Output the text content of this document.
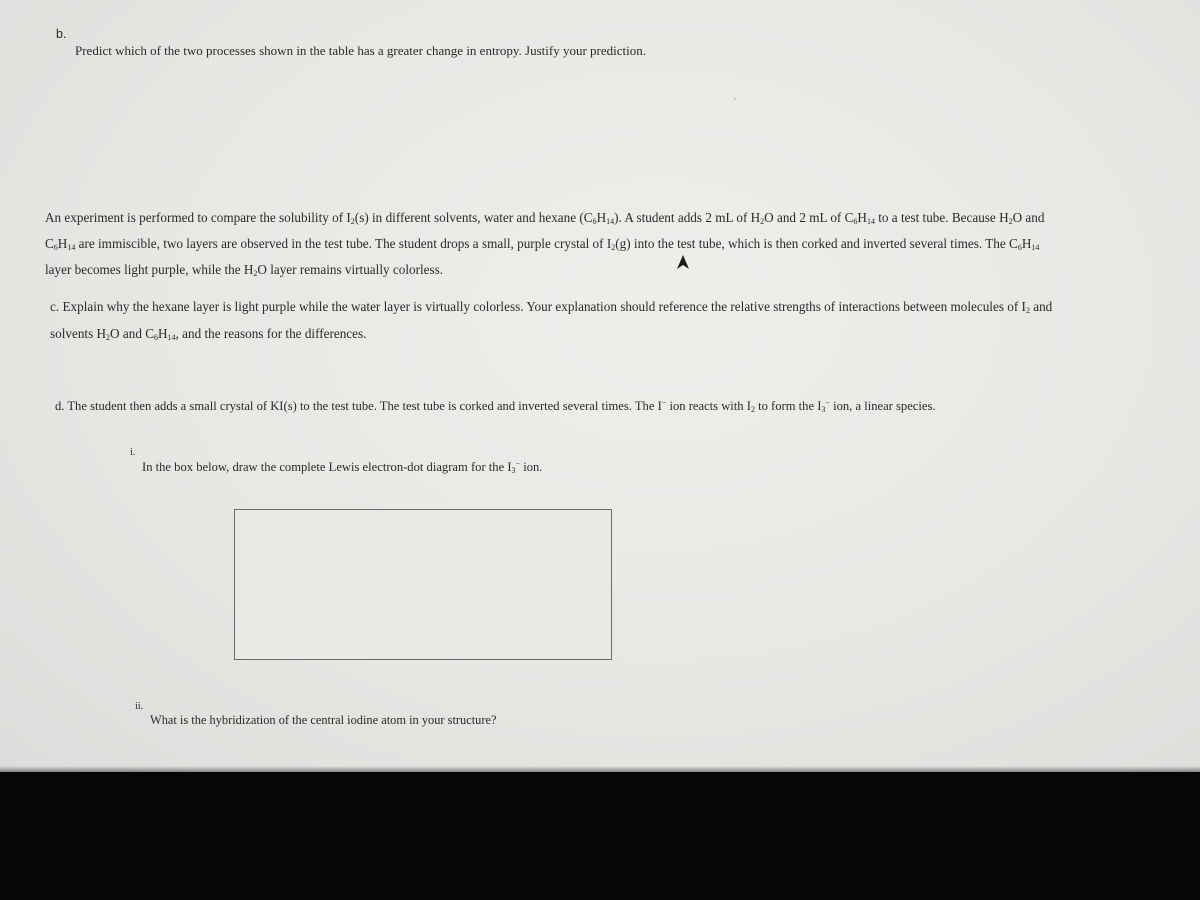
b.
Predict which of the two processes shown in the table has a greater change in entropy. Justify your prediction.
An experiment is performed to compare the solubility of $I_2(s)$ in different solvents, water and hexane $(C_6H_{14})$. A student adds 2 mL of $H_2O$ and 2 mL of $C_6H_{14}$ to a test tube. Because $H_2O$ and
$C_6H_{14}$ are immiscible, two layers are observed in the test tube. The student drops a small, purple crystal of $I_2(g)$ into the test tube, which is then corked and inverted several times. The $C_6H_{14}$
layer becomes light purple, while the $H_2O$ layer remains virtually colorless.
c. Explain why the hexane layer is light purple while the water layer is virtually colorless. Your explanation should reference the relative strengths of interactions between molecules of $I_2$ and
solvents $H_2O$ and $C_6H_{14}$, and the reasons for the differences.
d. The student then adds a small crystal of KI(s) to the test tube. The test tube is corked and inverted several times. The I− ion reacts with $I_2$ to form the $I_3^-$ ion, a linear species.
i.
In the box below, draw the complete Lewis electron-dot diagram for the $I_3^-$ ion.
ii.
What is the hybridization of the central iodine atom in your structure?
